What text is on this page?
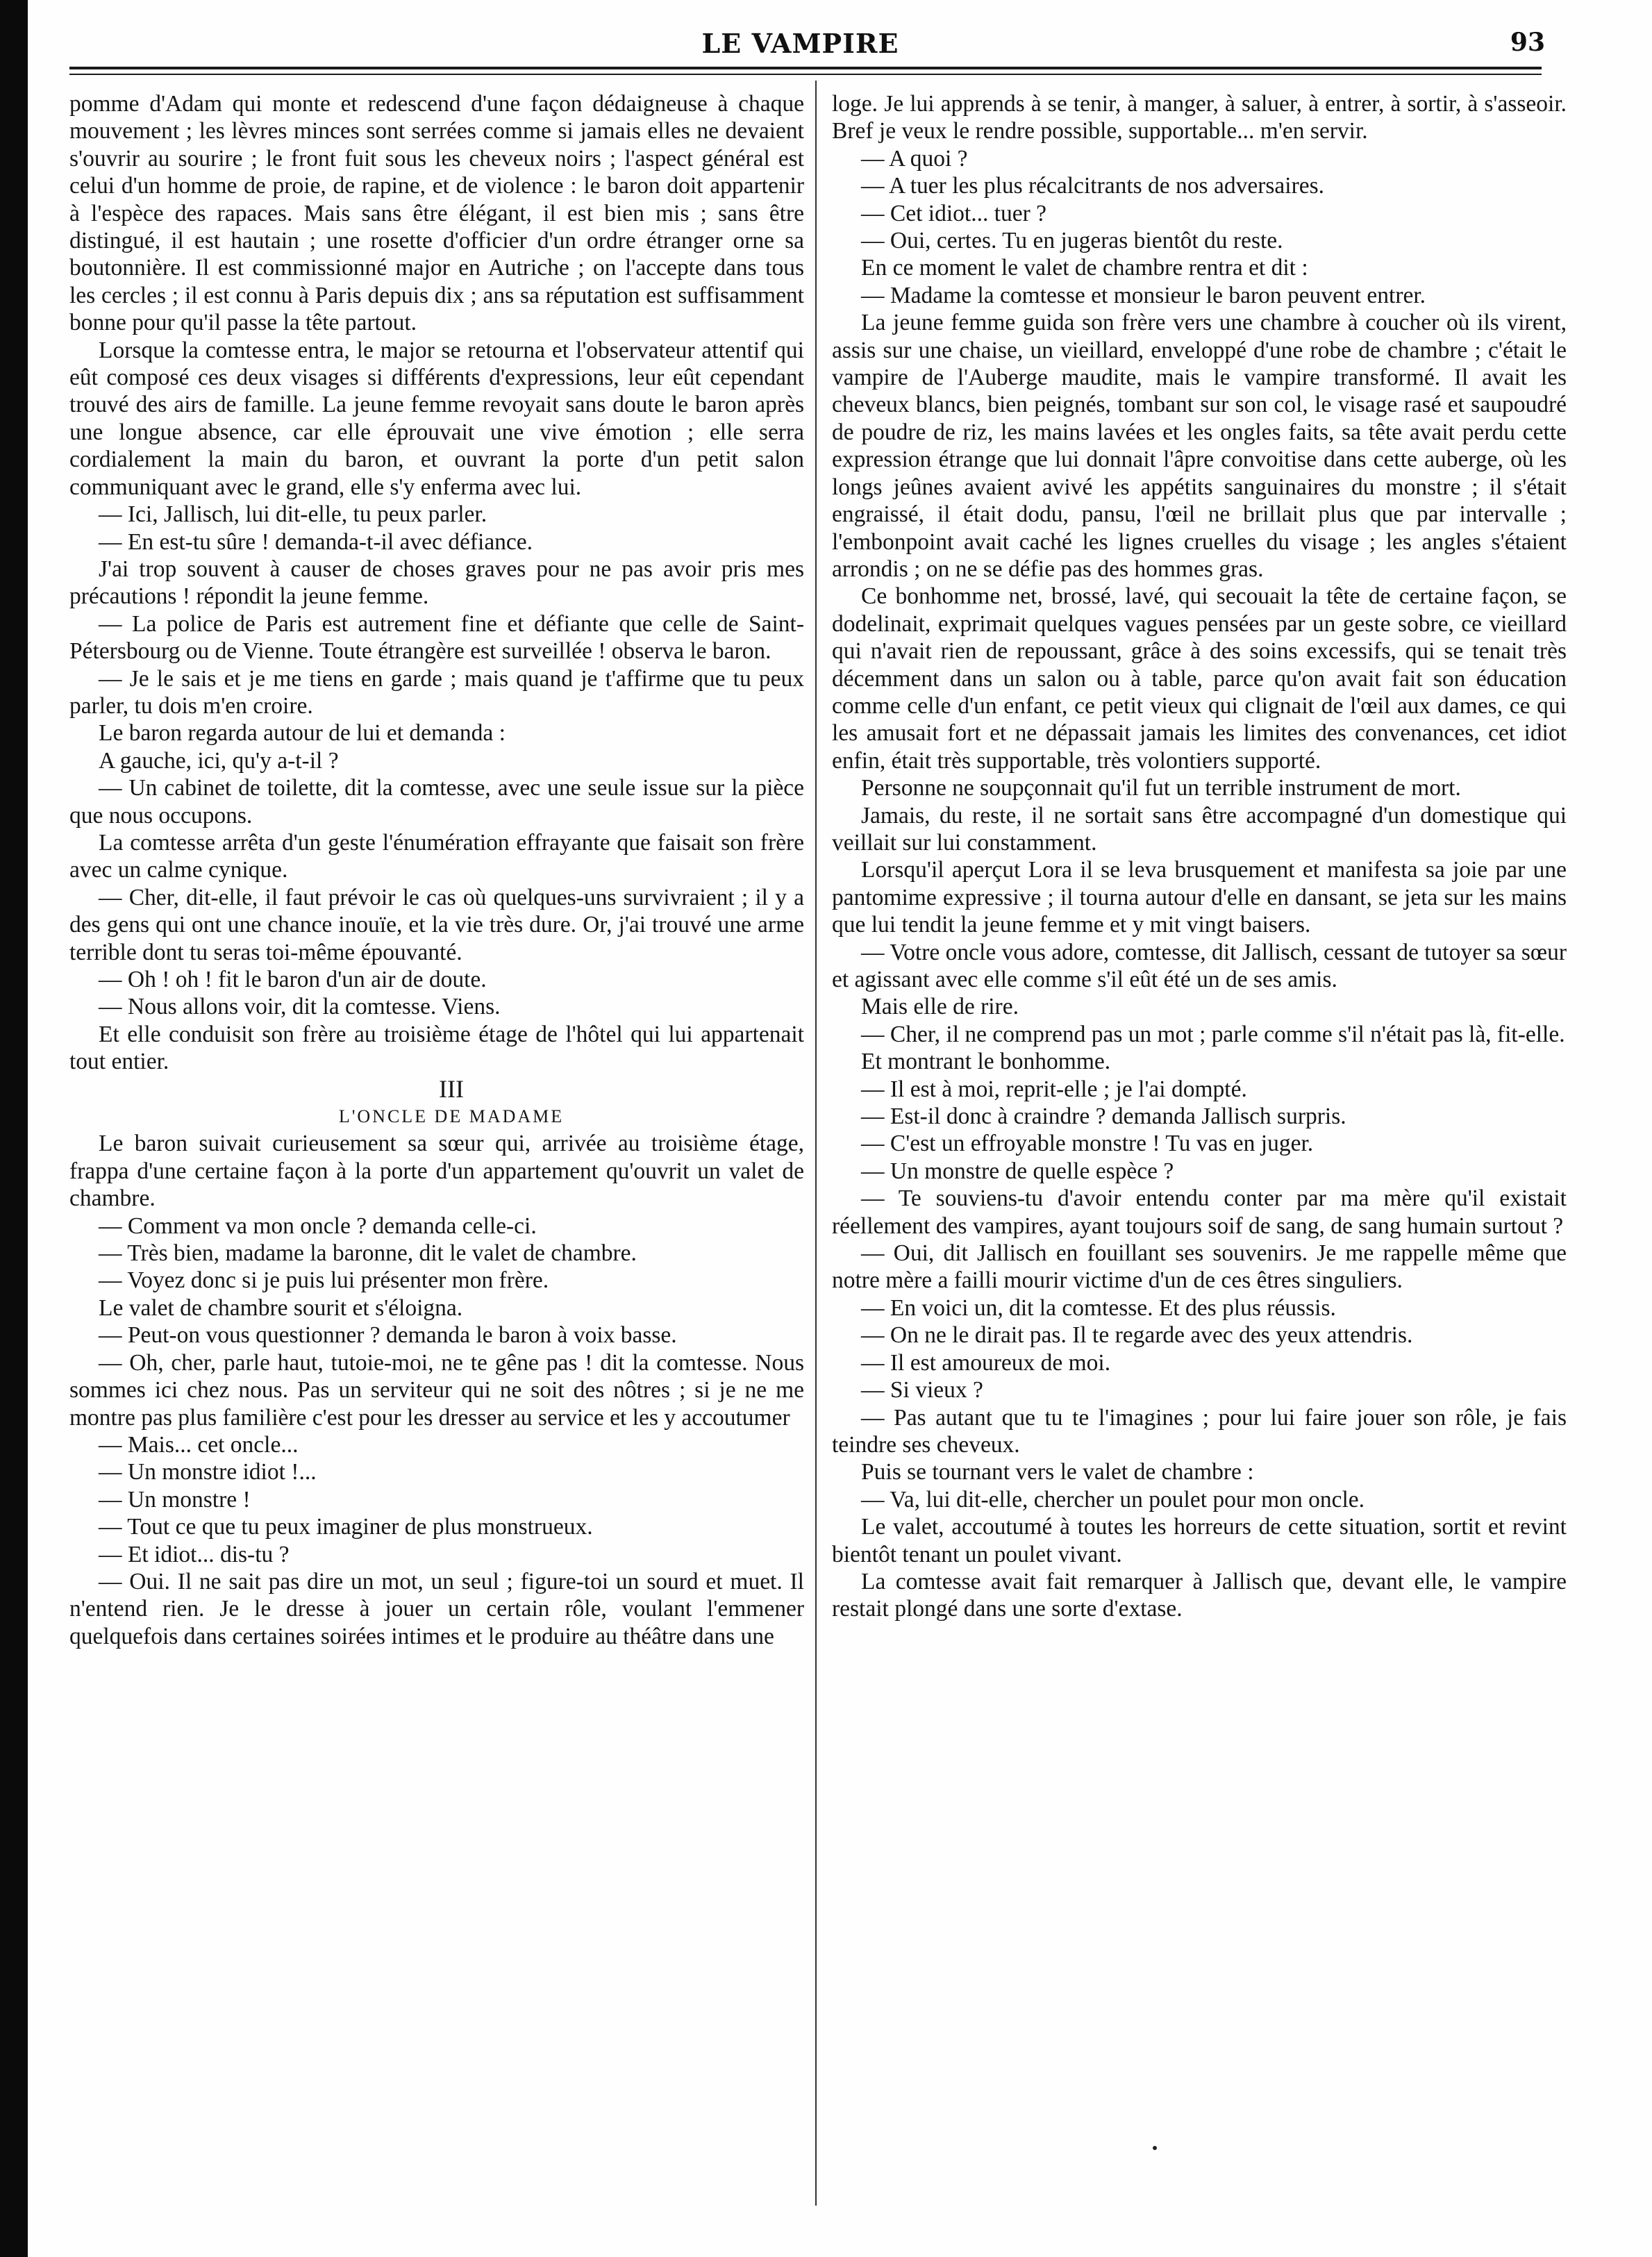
LE VAMPIRE	93

pomme d'Adam qui monte et redescend d'une façon dédaigneuse à chaque mouvement ; les lèvres minces sont serrées comme si jamais elles ne devaient s'ouvrir au sourire ; le front fuit sous les cheveux noirs ; l'aspect général est celui d'un homme de proie, de rapine, et de violence : le baron doit appartenir à l'espèce des rapaces. Mais sans être élégant, il est bien mis ; sans être distingué, il est hautain ; une rosette d'officier d'un ordre étranger orne sa boutonnière. Il est commissionné major en Autriche ; on l'accepte dans tous les cercles ; il est connu à Paris depuis dix ; ans sa réputation est suffisamment bonne pour qu'il passe la tête partout.

Lorsque la comtesse entra, le major se retourna et l'observateur attentif qui eût composé ces deux visages si différents d'expressions, leur eût cependant trouvé des airs de famille. La jeune femme revoyait sans doute le baron après une longue absence, car elle éprouvait une vive émotion ; elle serra cordialement la main du baron, et ouvrant la porte d'un petit salon communiquant avec le grand, elle s'y enferma avec lui.

— Ici, Jallisch, lui dit-elle, tu peux parler.

— En est-tu sûre ! demanda-t-il avec défiance.

J'ai trop souvent à causer de choses graves pour ne pas avoir pris mes précautions ! répondit la jeune femme.

— La police de Paris est autrement fine et défiante que celle de Saint-Pétersbourg ou de Vienne. Toute étrangère est surveillée ! observa le baron.

— Je le sais et je me tiens en garde ; mais quand je t'affirme que tu peux parler, tu dois m'en croire.

Le baron regarda autour de lui et demanda :

A gauche, ici, qu'y a-t-il ?

— Un cabinet de toilette, dit la comtesse, avec une seule issue sur la pièce que nous occupons.

La comtesse arrêta d'un geste l'énumération effrayante que faisait son frère avec un calme cynique.

— Cher, dit-elle, il faut prévoir le cas où quelques-uns survivraient ; il y a des gens qui ont une chance inouïe, et la vie très dure. Or, j'ai trouvé une arme terrible dont tu seras toi-même épouvanté.

— Oh ! oh ! fit le baron d'un air de doute.

— Nous allons voir, dit la comtesse. Viens.

Et elle conduisit son frère au troisième étage de l'hôtel qui lui appartenait tout entier.

III

L'ONCLE DE MADAME

Le baron suivait curieusement sa sœur qui, arrivée au troisième étage, frappa d'une certaine façon à la porte d'un appartement qu'ouvrit un valet de chambre.

— Comment va mon oncle ? demanda celle-ci.

— Très bien, madame la baronne, dit le valet de chambre.

— Voyez donc si je puis lui présenter mon frère.

Le valet de chambre sourit et s'éloigna.

— Peut-on vous questionner ? demanda le baron à voix basse.

— Oh, cher, parle haut, tutoie-moi, ne te gêne pas ! dit la comtesse. Nous sommes ici chez nous. Pas un serviteur qui ne soit des nôtres ; si je ne me montre pas plus familière c'est pour les dresser au service et les y accoutumer

— Mais... cet oncle...

— Un monstre idiot !...

— Un monstre !

— Tout ce que tu peux imaginer de plus monstrueux.

— Et idiot... dis-tu ?

— Oui. Il ne sait pas dire un mot, un seul ; figure-toi un sourd et muet. Il n'entend rien. Je le dresse à jouer un certain rôle, voulant l'emmener quelquefois dans certaines soirées intimes et le produire au théâtre dans une

loge. Je lui apprends à se tenir, à manger, à saluer, à entrer, à sortir, à s'asseoir. Bref je veux le rendre possible, supportable... m'en servir.

— A quoi ?

— A tuer les plus récalcitrants de nos adversaires.

— Cet idiot... tuer ?

— Oui, certes. Tu en jugeras bientôt du reste.

En ce moment le valet de chambre rentra et dit :

— Madame la comtesse et monsieur le baron peuvent entrer.

La jeune femme guida son frère vers une chambre à coucher où ils virent, assis sur une chaise, un vieillard, enveloppé d'une robe de chambre ; c'était le vampire de l'Auberge maudite, mais le vampire transformé. Il avait les cheveux blancs, bien peignés, tombant sur son col, le visage rasé et saupoudré de poudre de riz, les mains lavées et les ongles faits, sa tête avait perdu cette expression étrange que lui donnait l'âpre convoitise dans cette auberge, où les longs jeûnes avaient avivé les appétits sanguinaires du monstre ; il s'était engraissé, il était dodu, pansu, l'œil ne brillait plus que par intervalle ; l'embonpoint avait caché les lignes cruelles du visage ; les angles s'étaient arrondis ; on ne se défie pas des hommes gras.

Ce bonhomme net, brossé, lavé, qui secouait la tête de certaine façon, se dodelinait, exprimait quelques vagues pensées par un geste sobre, ce vieillard qui n'avait rien de repoussant, grâce à des soins excessifs, qui se tenait très décemment dans un salon ou à table, parce qu'on avait fait son éducation comme celle d'un enfant, ce petit vieux qui clignait de l'œil aux dames, ce qui les amusait fort et ne dépassait jamais les limites des convenances, cet idiot enfin, était très supportable, très volontiers supporté.

Personne ne soupçonnait qu'il fut un terrible instrument de mort.

Jamais, du reste, il ne sortait sans être accompagné d'un domestique qui veillait sur lui constamment.

Lorsqu'il aperçut Lora il se leva brusquement et manifesta sa joie par une pantomime expressive ; il tourna autour d'elle en dansant, se jeta sur les mains que lui tendit la jeune femme et y mit vingt baisers.

— Votre oncle vous adore, comtesse, dit Jallisch, cessant de tutoyer sa sœur et agissant avec elle comme s'il eût été un de ses amis.

Mais elle de rire.

— Cher, il ne comprend pas un mot ; parle comme s'il n'était pas là, fit-elle.

Et montrant le bonhomme.

— Il est à moi, reprit-elle ; je l'ai dompté.

— Est-il donc à craindre ? demanda Jallisch surpris.

— C'est un effroyable monstre ! Tu vas en juger.

— Un monstre de quelle espèce ?

— Te souviens-tu d'avoir entendu conter par ma mère qu'il existait réellement des vampires, ayant toujours soif de sang, de sang humain surtout ?

— Oui, dit Jallisch en fouillant ses souvenirs. Je me rappelle même que notre mère a failli mourir victime d'un de ces êtres singuliers.

— En voici un, dit la comtesse. Et des plus réussis.

— On ne le dirait pas. Il te regarde avec des yeux attendris.

— Il est amoureux de moi.

— Si vieux ?

— Pas autant que tu te l'imagines ; pour lui faire jouer son rôle, je fais teindre ses cheveux.

Puis se tournant vers le valet de chambre :

— Va, lui dit-elle, chercher un poulet pour mon oncle.

Le valet, accoutumé à toutes les horreurs de cette situation, sortit et revint bientôt tenant un poulet vivant.

La comtesse avait fait remarquer à Jallisch que, devant elle, le vampire restait plongé dans une sorte d'extase.
